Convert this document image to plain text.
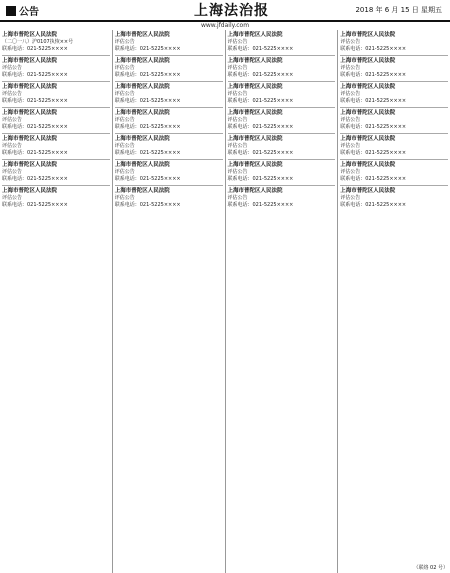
公告	上海法治报	2018 年 6 月 15 日 星期五
www.jfdaily.com
上海市普陀区人民法院

（二〇一八）沪0107执恢××号

联系电话：021-5225××××
上海市普陀区人民法院

评估公告

联系电话：021-5225××××
上海市普陀区人民法院

评估公告

联系电话：021-5225××××
上海市普陀区人民法院

评估公告

联系电话：021-5225××××
上海市普陀区人民法院

评估公告

联系电话：021-5225××××
上海市普陀区人民法院

评估公告

联系电话：021-5225××××
上海市普陀区人民法院

评估公告

联系电话：021-5225××××
上海市普陀区人民法院

评估公告

联系电话：021-5225××××
上海市普陀区人民法院

评估公告

联系电话：021-5225××××
上海市普陀区人民法院

评估公告

联系电话：021-5225××××
上海市普陀区人民法院

评估公告

联系电话：021-5225××××
上海市普陀区人民法院

评估公告

联系电话：021-5225××××
上海市普陀区人民法院

评估公告

联系电话：021-5225××××
上海市普陀区人民法院

评估公告

联系电话：021-5225××××
上海市普陀区人民法院

评估公告

联系电话：021-5225××××
上海市普陀区人民法院

评估公告

联系电话：021-5225××××
上海市普陀区人民法院

评估公告

联系电话：021-5225××××
上海市普陀区人民法院

评估公告

联系电话：021-5225××××
上海市普陀区人民法院

评估公告

联系电话：021-5225××××
上海市普陀区人民法院

评估公告

联系电话：021-5225××××
上海市普陀区人民法院

评估公告

联系电话：021-5225××××
上海市普陀区人民法院

评估公告

联系电话：021-5225××××
上海市普陀区人民法院

评估公告

联系电话：021-5225××××
上海市普陀区人民法院

评估公告

联系电话：021-5225××××
上海市普陀区人民法院

评估公告

联系电话：021-5225××××
上海市普陀区人民法院

评估公告

联系电话：021-5225××××
上海市普陀区人民法院

评估公告

联系电话：021-5225××××
上海市普陀区人民法院

评估公告

联系电话：021-5225××××
（联络 02 号）
